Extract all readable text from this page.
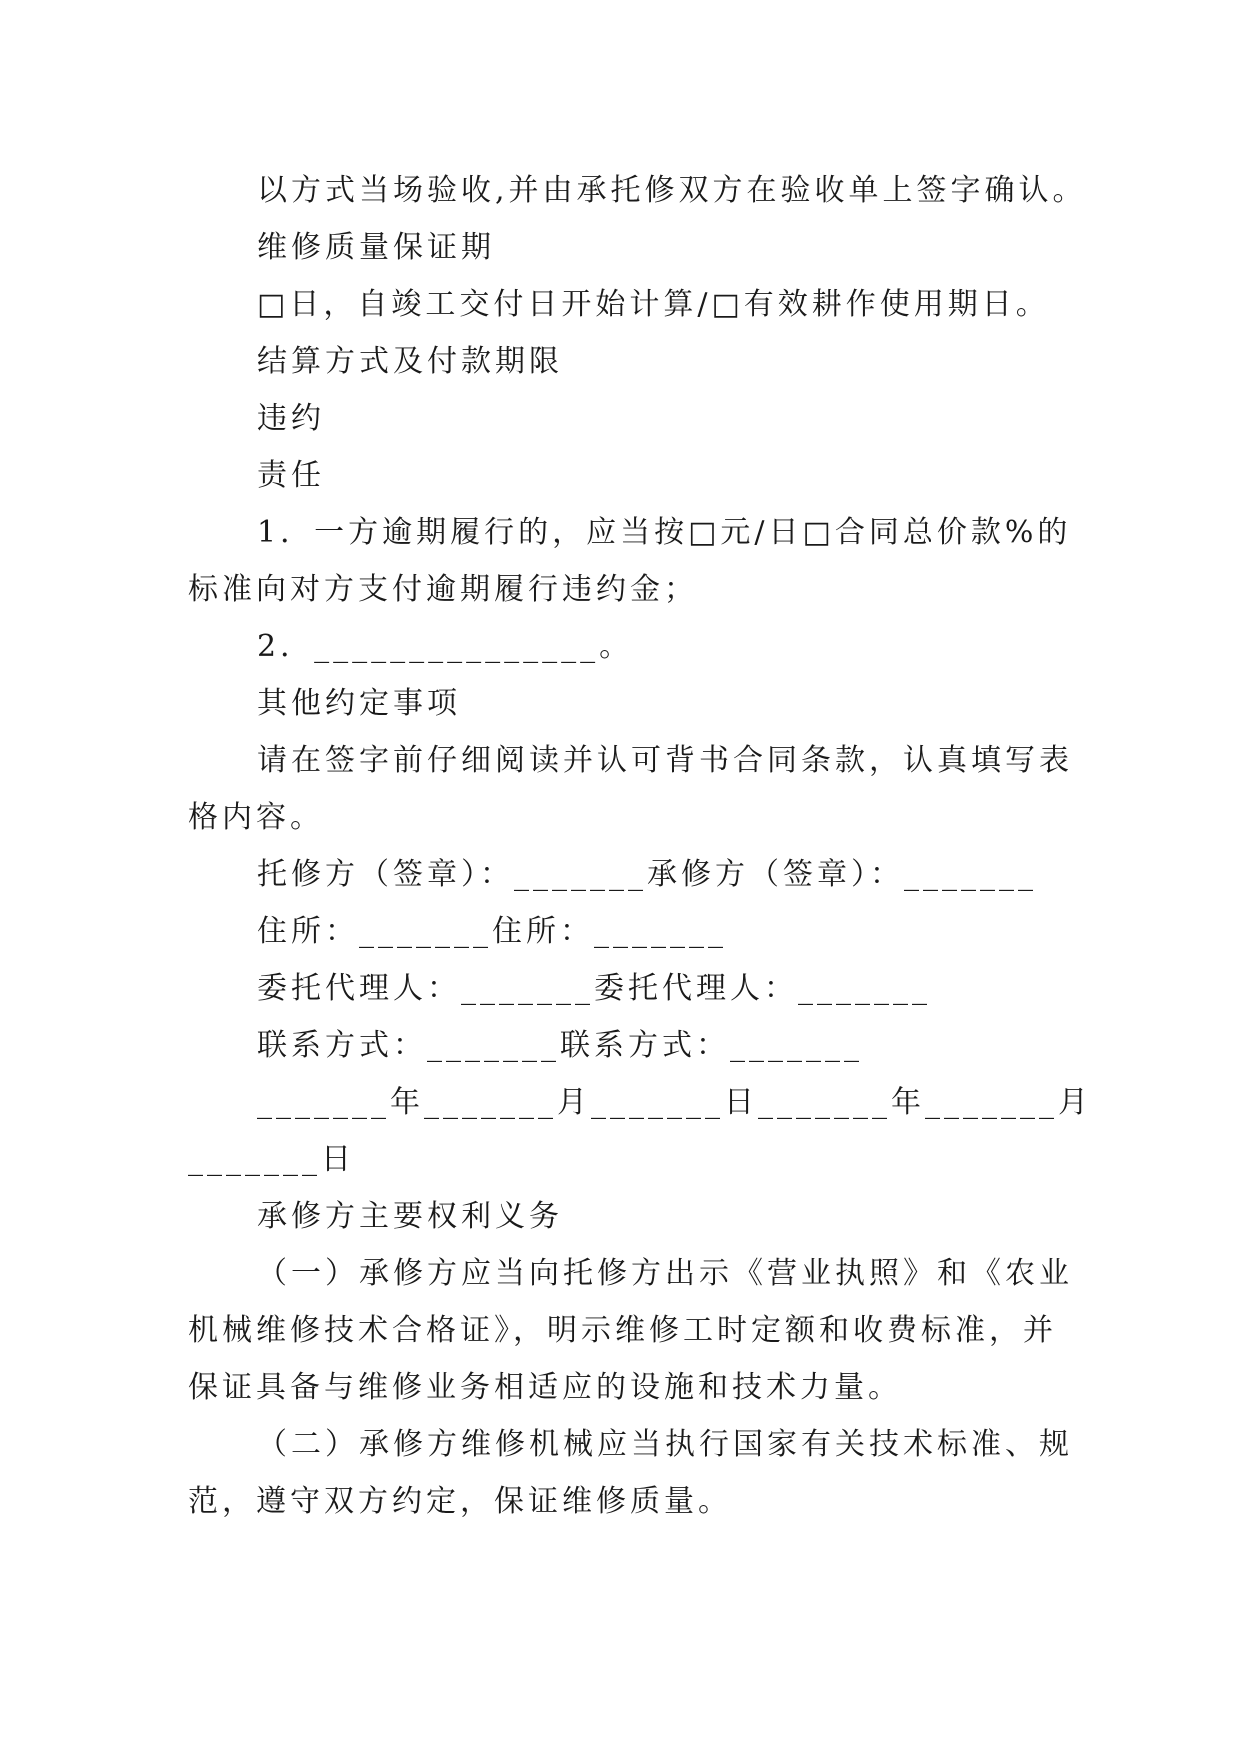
以方式当场验收,并由承托修双方在验收单上签字确认。

维修质量保证期

□日，自竣工交付日开始计算/□有效耕作使用期日。

结算方式及付款期限

违约

责任

1．一方逾期履行的，应当按□元/日□合同总价款%的

标准向对方支付逾期履行违约金；

2．_______________。

其他约定事项

请在签字前仔细阅读并认可背书合同条款，认真填写表

格内容。

托修方（签章）：_______承修方（签章）：_______

住所：_______住所：_______

委托代理人：_______委托代理人：_______

联系方式：_______联系方式：_______

_______年_______月_______日_______年_______月

_______日

承修方主要权利义务

（一）承修方应当向托修方出示《营业执照》和《农业

机械维修技术合格证》，明示维修工时定额和收费标准，并

保证具备与维修业务相适应的设施和技术力量。

（二）承修方维修机械应当执行国家有关技术标准、规

范，遵守双方约定，保证维修质量。
